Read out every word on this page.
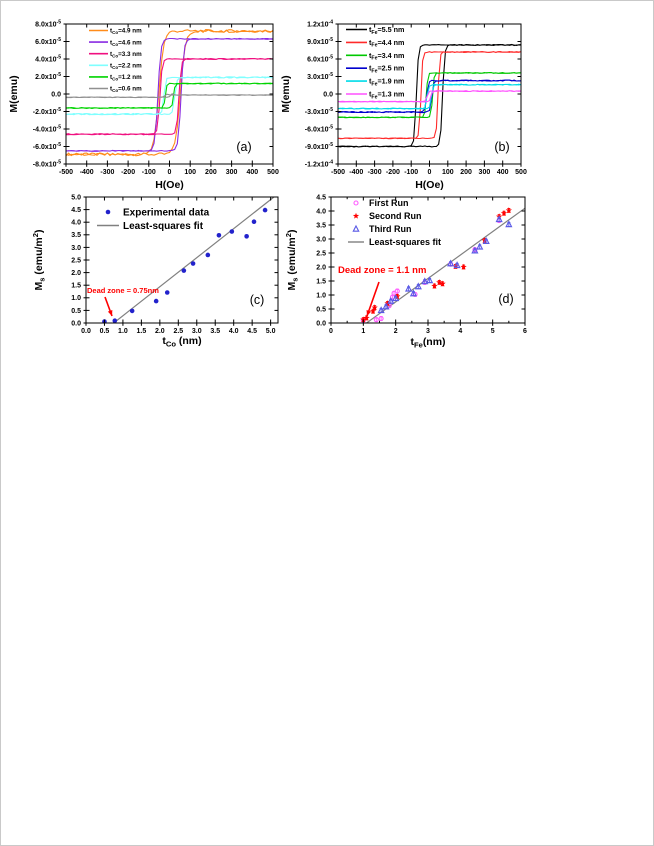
-500 -400 -300 -200 -100 0 100 200 300 400 500
$8.0x10^{-5}$
$6.0x10^{-5}$
$4.0x10^{-5}$
$2.0x10^{-5}$
0.0
$-2.0x10^{-5}$
$-4.0x10^{-5}$
$-6.0x10^{-5}$
$-8.0x10^{-5}$
H(Oe)
M(emu)
$t_{Co}=4.9$ nm
$t_{Co}=4.6$ nm
$t_{Co}=3.3$ nm
$t_{Co}=2.2$ nm
$t_{Co}=1.2$ nm
$t_{Co}=0.6$ nm
(a)
-500 -400 -300 -200 -100 0 100 200 300 400 500
$1.2x10^{-4}$
$9.0x10^{-5}$
$6.0x10^{-5}$
$3.0x10^{-5}$
0.0
$-3.0x10^{-5}$
$-6.0x10^{-5}$
$-9.0x10^{-5}$
$-1.2x10^{-4}$
H(Oe)
M(emu)
$t_{Fe}=5.5$ nm
$t_{Fe}=4.4$ nm
$t_{Fe}=3.4$ nm
$t_{Fe}=2.5$ nm
$t_{Fe}=1.9$ nm
$t_{Fe}=1.3$ nm
(b)
0.0 0.5 1.0 1.5 2.0 2.5 3.0 3.5 4.0 4.5 5.0
0.0
0.5
1.0
1.5
2.0
2.5
3.0
3.5
4.0
4.5
5.0
$t_{Co}$ (nm)
$M_s$ $(emu/m^2)$
Experimental data
Least-squares fit
Dead zone = 0.75nm
(c)
0	1	2	3	4	5	6
0.0
0.5
1.0
1.5
2.0
2.5
3.0
3.5
4.0
4.5
$t_{Fe}(nm)$
$M_s$ $(emu/m^2)$
First Run
Second Run
Third Run
Least-squares fit
Dead zone = 1.1 nm
(d)
